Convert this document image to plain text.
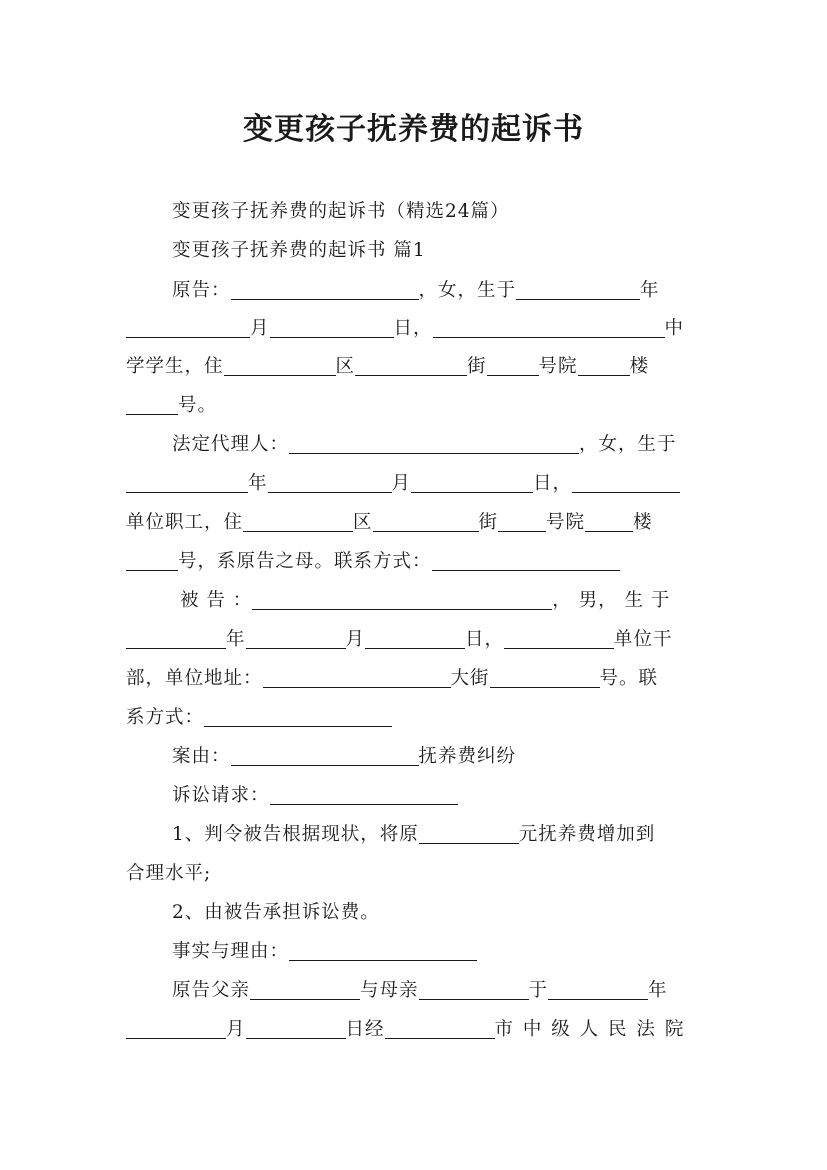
变更孩子抚养费的起诉书
变更孩子抚养费的起诉书（精选24篇）
变更孩子抚养费的起诉书 篇1
原告：	，女，生于	年
月	日，	中
学学生，住	区	街	号院	楼
号。
法定代理人：	，女，生于
年	月	日，
单位职工，住	区	街	号院	楼
号，系原告之母。联系方式：
被 告 ：	， 男， 生 于
年	月	日，	单位干
部，单位地址：	大街	号。联
系方式：
案由：	抚养费纠纷
诉讼请求：
1、判令被告根据现状，将原	元抚养费增加到
合理水平;
2、由被告承担诉讼费。
事实与理由：
原告父亲	与母亲	于	年
月	日经	市 中 级 人 民 法 院
